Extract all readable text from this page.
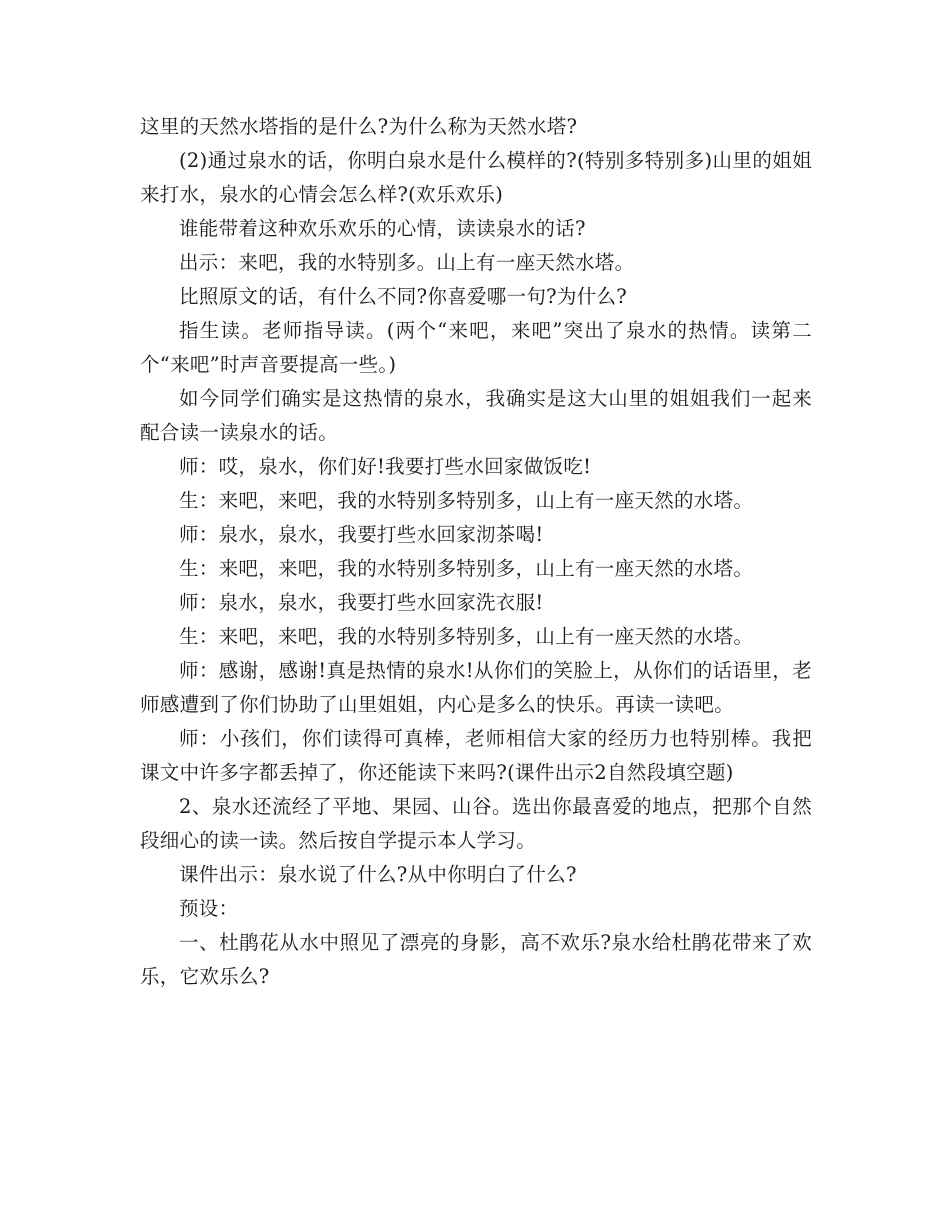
这里的天然水塔指的是什么?为什么称为天然水塔?

(2)通过泉水的话，你明白泉水是什么模样的?(特别多特别多)山里的姐姐来打水，泉水的心情会怎么样?(欢乐欢乐)

谁能带着这种欢乐欢乐的心情，读读泉水的话?

出示：来吧，我的水特别多。山上有一座天然水塔。

比照原文的话，有什么不同?你喜爱哪一句?为什么?

指生读。老师指导读。(两个“来吧，来吧”突出了泉水的热情。读第二个“来吧”时声音要提高一些。)

如今同学们确实是这热情的泉水，我确实是这大山里的姐姐我们一起来配合读一读泉水的话。

师：哎，泉水，你们好!我要打些水回家做饭吃!

生：来吧，来吧，我的水特别多特别多，山上有一座天然的水塔。

师：泉水，泉水，我要打些水回家沏茶喝!

生：来吧，来吧，我的水特别多特别多，山上有一座天然的水塔。

师：泉水，泉水，我要打些水回家洗衣服!

生：来吧，来吧，我的水特别多特别多，山上有一座天然的水塔。

师：感谢，感谢!真是热情的泉水!从你们的笑脸上，从你们的话语里，老师感遭到了你们协助了山里姐姐，内心是多么的快乐。再读一读吧。

师：小孩们，你们读得可真棒，老师相信大家的经历力也特别棒。我把课文中许多字都丢掉了，你还能读下来吗?(课件出示2自然段填空题)

2、泉水还流经了平地、果园、山谷。选出你最喜爱的地点，把那个自然段细心的读一读。然后按自学提示本人学习。

课件出示：泉水说了什么?从中你明白了什么?

预设：

一、杜鹃花从水中照见了漂亮的身影，高不欢乐?泉水给杜鹃花带来了欢乐，它欢乐么?
